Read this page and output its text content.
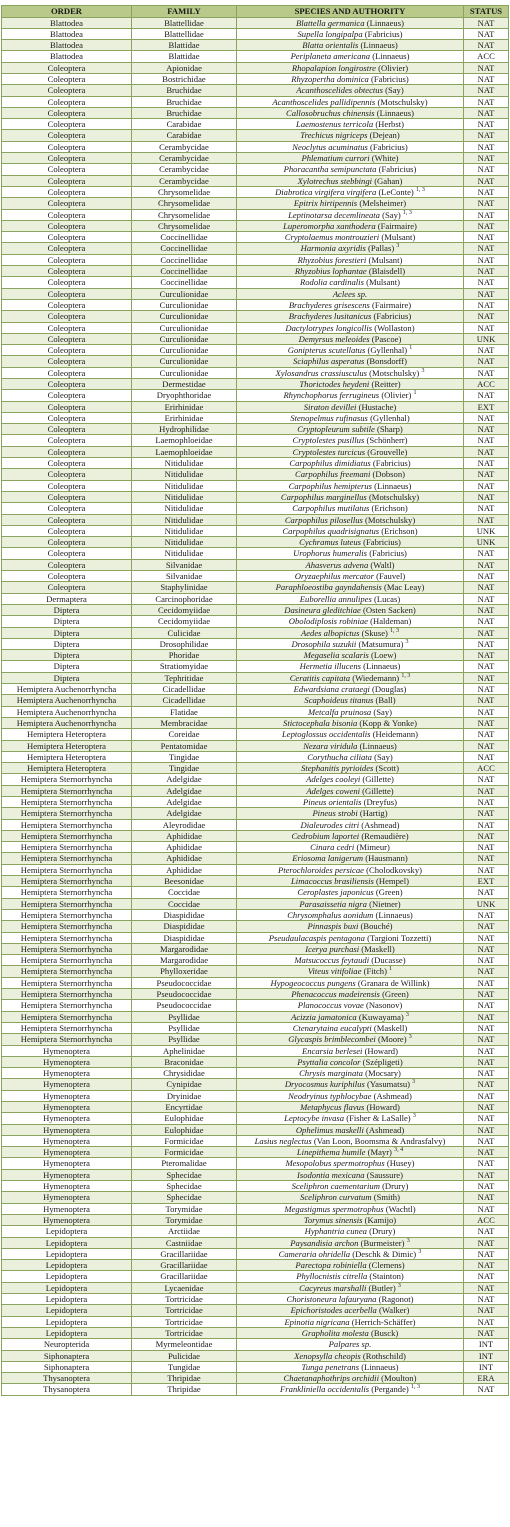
ORDER	FAMILY	SPECIES AND AUTHORITY	STATUS
Blattodea	Blattellidae	Blattella germanica (Linnaeus)	NAT
Blattodea	Blattellidae	Supella longipalpa (Fabricius)	NAT
Blattodea	Blattidae	Blatta orientalis (Linnaeus)	NAT
Blattodea	Blattidae	Periplaneta americana (Linnaeus)	ACC
Coleoptera	Apionidae	Rhopalapion longirostre (Olivier)	NAT
Coleoptera	Bostrichidae	Rhyzopertha dominica (Fabricius)	NAT
Coleoptera	Bruchidae	Acanthoscelides obtectus (Say)	NAT
Coleoptera	Bruchidae	Acanthoscelides pallidipennis (Motschulsky)	NAT
Coleoptera	Bruchidae	Callosobruchus chinensis (Linnaeus)	NAT
Coleoptera	Carabidae	Laemostenus terricola (Herbst)	NAT
Coleoptera	Carabidae	Trechicus nigriceps (Dejean)	NAT
Coleoptera	Cerambycidae	Neoclytus acuminatus (Fabricius)	NAT
Coleoptera	Cerambycidae	Phlematium currori (White)	NAT
Coleoptera	Cerambycidae	Phoracantha semipunctata (Fabricius)	NAT
Coleoptera	Cerambycidae	Xylotrechus stebbingi (Gahan)	NAT
Coleoptera	Chrysomelidae	Diabrotica virgifera virgifera (LeConte) $^{1, 3}$	NAT
Coleoptera	Chrysomelidae	Epitrix hirtipennis (Melsheimer)	NAT
Coleoptera	Chrysomelidae	Leptinotarsa decemlineata (Say) $^{1, 3}$	NAT
Coleoptera	Chrysomelidae	Luperomorpha xanthodera (Fairmaire)	NAT
Coleoptera	Coccinellidae	Cryptolaemus montrouzieri (Mulsant)	NAT
Coleoptera	Coccinellidae	Harmonia axyridis (Pallas) $^3$	NAT
Coleoptera	Coccinellidae	Rhyzobius forestieri (Mulsant)	NAT
Coleoptera	Coccinellidae	Rhyzobius lophantae (Blaisdell)	NAT
Coleoptera	Coccinellidae	Rodolia cardinalis (Mulsant)	NAT
Coleoptera	Curculionidae	Aclees sp.	NAT
Coleoptera	Curculionidae	Brachyderes grisescens (Fairmaire)	NAT
Coleoptera	Curculionidae	Brachyderes lusitanicus (Fabricius)	NAT
Coleoptera	Curculionidae	Dactylotrypes longicollis (Wollaston)	NAT
Coleoptera	Curculionidae	Demyrsus meleoides (Pascoe)	UNK
Coleoptera	Curculionidae	Gonipterus scutellatus (Gyllenhal) $^1$	NAT
Coleoptera	Curculionidae	Sciaphilus asperatus (Bonsdorff)	NAT
Coleoptera	Curculionidae	Xylosandrus crassiusculus (Motschulsky) $^3$	NAT
Coleoptera	Dermestidae	Thorictodes heydeni (Reitter)	ACC
Coleoptera	Dryophthoridae	Rhynchophorus ferrugineus (Olivier) $^1$	NAT
Coleoptera	Erirhinidae	Siraton devillei (Hustache)	EXT
Coleoptera	Erirhinidae	Stenopelmus rufinasus (Gyllenhal)	NAT
Coleoptera	Hydrophilidae	Cryptopleurum subtile (Sharp)	NAT
Coleoptera	Laemophloeidae	Cryptolestes pusillus (Schönherr)	NAT
Coleoptera	Laemophloeidae	Cryptolestes turcicus (Grouvelle)	NAT
Coleoptera	Nitidulidae	Carpophilus dimidiatus (Fabricius)	NAT
Coleoptera	Nitidulidae	Carpophilus freemani (Dobson)	NAT
Coleoptera	Nitidulidae	Carpophilus hemipterus (Linnaeus)	NAT
Coleoptera	Nitidulidae	Carpophilus marginellus (Motschulsky)	NAT
Coleoptera	Nitidulidae	Carpophilus mutilatus (Erichson)	NAT
Coleoptera	Nitidulidae	Carpophilus pilosellus (Motschulsky)	NAT
Coleoptera	Nitidulidae	Carpophilus quadrisignatus (Erichson)	UNK
Coleoptera	Nitidulidae	Cychramus luteus (Fabricius)	UNK
Coleoptera	Nitidulidae	Urophorus humeralis (Fabricius)	NAT
Coleoptera	Silvanidae	Ahasverus advena (Waltl)	NAT
Coleoptera	Silvanidae	Oryzaephilus mercator (Fauvel)	NAT
Coleoptera	Staphylinidae	Paraphloeostiba gayndahensis (Mac Leay)	NAT
Dermaptera	Carcinophoridae	Euborellia annulipes (Lucas)	NAT
Diptera	Cecidomyiidae	Dasineura gleditchiae (Osten Sacken)	NAT
Diptera	Cecidomyiidae	Obolodiplosis robiniae (Haldeman)	NAT
Diptera	Culicidae	Aedes albopictus (Skuse) $^{1, 3}$	NAT
Diptera	Drosophilidae	Drosophila suzukii (Matsumura) $^3$	NAT
Diptera	Phoridae	Megaselia scalaris (Loew)	NAT
Diptera	Stratiomyidae	Hermetia illucens (Linnaeus)	NAT
Diptera	Tephritidae	Ceratitis capitata (Wiedemann) $^{1, 3}$	NAT
Hemiptera Auchenorrhyncha	Cicadellidae	Edwardsiana crataegi (Douglas)	NAT
Hemiptera Auchenorrhyncha	Cicadellidae	Scaphoideus titanus (Ball)	NAT
Hemiptera Auchenorrhyncha	Flatidae	Metcalfa pruinosa (Say)	NAT
Hemiptera Auchenorrhyncha	Membracidae	Stictocephala bisonia (Kopp & Yonke)	NAT
Hemiptera Heteroptera	Coreidae	Leptoglossus occidentalis (Heidemann)	NAT
Hemiptera Heteroptera	Pentatomidae	Nezara viridula (Linnaeus)	NAT
Hemiptera Heteroptera	Tingidae	Corythucha ciliata (Say)	NAT
Hemiptera Heteroptera	Tingidae	Stephanitis pyrioides (Scott)	ACC
Hemiptera Sternorrhyncha	Adelgidae	Adelges cooleyi (Gillette)	NAT
Hemiptera Sternorrhyncha	Adelgidae	Adelges coweni (Gillette)	NAT
Hemiptera Sternorrhyncha	Adelgidae	Pineus orientalis (Dreyfus)	NAT
Hemiptera Sternorrhyncha	Adelgidae	Pineus strobi (Hartig)	NAT
Hemiptera Sternorrhyncha	Aleyrodidae	Dialeurodes citri (Ashmead)	NAT
Hemiptera Sternorrhyncha	Aphididae	Cedrobium laportei (Remaudière)	NAT
Hemiptera Sternorrhyncha	Aphididae	Cinara cedri (Mimeur)	NAT
Hemiptera Sternorrhyncha	Aphididae	Eriosoma lanigerum (Hausmann)	NAT
Hemiptera Sternorrhyncha	Aphididae	Pterochloroides persicae (Cholodkovsky)	NAT
Hemiptera Sternorrhyncha	Beesonidae	Limacoccus brasiliensis (Hempel)	EXT
Hemiptera Sternorrhyncha	Coccidae	Ceroplastes japonicus (Green)	NAT
Hemiptera Sternorrhyncha	Coccidae	Parasaissetia nigra (Nietner)	UNK
Hemiptera Sternorrhyncha	Diaspididae	Chrysomphalus aonidum (Linnaeus)	NAT
Hemiptera Sternorrhyncha	Diaspididae	Pinnaspis buxi (Bouché)	NAT
Hemiptera Sternorrhyncha	Diaspididae	Pseudaulacaspis pentagona (Targioni Tozzetti)	NAT
Hemiptera Sternorrhyncha	Margarodidae	Icerya purchasi (Maskell)	NAT
Hemiptera Sternorrhyncha	Margarodidae	Matsucoccus feytaudi (Ducasse)	NAT
Hemiptera Sternorrhyncha	Phylloxeridae	Viteus vitifoliae (Fitch) $^1$	NAT
Hemiptera Sternorrhyncha	Pseudococcidae	Hypogeococcus pungens (Granara de Willink)	NAT
Hemiptera Sternorrhyncha	Pseudococcidae	Phenacoccus madeirensis (Green)	NAT
Hemiptera Sternorrhyncha	Pseudococcidae	Planococcus vovae (Nasonov)	NAT
Hemiptera Sternorrhyncha	Psyllidae	Acizzia jamatonica (Kuwayama) $^3$	NAT
Hemiptera Sternorrhyncha	Psyllidae	Ctenarytaina eucalypti (Maskell)	NAT
Hemiptera Sternorrhyncha	Psyllidae	Glycaspis brimblecombei (Moore) $^3$	NAT
Hymenoptera	Aphelinidae	Encarsia berlesei (Howard)	NAT
Hymenoptera	Braconidae	Psyttalia concolor (Szépligeti)	NAT
Hymenoptera	Chrysididae	Chrysis marginata (Mocsary)	NAT
Hymenoptera	Cynipidae	Dryocosmus kuriphilus (Yasumatsu) $^3$	NAT
Hymenoptera	Dryinidae	Neodryinus typhlocybae (Ashmead)	NAT
Hymenoptera	Encyrtidae	Metaphycus flavus (Howard)	NAT
Hymenoptera	Eulophidae	Leptocybe invasa (Fisher & LaSalle) $^3$	NAT
Hymenoptera	Eulophidae	Ophelimus maskelli (Ashmead)	NAT
Hymenoptera	Formicidae	Lasius neglectus (Van Loon, Boomsma & Andrasfalvy)	NAT
Hymenoptera	Formicidae	Linepithema humile (Mayr) $^{3, 4}$	NAT
Hymenoptera	Pteromalidae	Mesopolobus spermotrophus (Husey)	NAT
Hymenoptera	Sphecidae	Isodontia mexicana (Saussure)	NAT
Hymenoptera	Sphecidae	Sceliphron caementarium (Drury)	NAT
Hymenoptera	Sphecidae	Sceliphron curvatum (Smith)	NAT
Hymenoptera	Torymidae	Megastigmus spermotrophus (Wachtl)	NAT
Hymenoptera	Torymidae	Torymus sinensis (Kamijo)	ACC
Lepidoptera	Arctiidae	Hyphantria cunea (Drury)	NAT
Lepidoptera	Castniidae	Paysandisia archon (Burmeister) $^3$	NAT
Lepidoptera	Gracillariidae	Cameraria ohridella (Deschk & Dimic) $^3$	NAT
Lepidoptera	Gracillariidae	Parectopa robiniella (Clemens)	NAT
Lepidoptera	Gracillariidae	Phyllocnistis citrella (Stainton)	NAT
Lepidoptera	Lycaenidae	Cacyreus marshalli (Butler) $^3$	NAT
Lepidoptera	Tortricidae	Choristoneura lafauryana (Ragonot)	NAT
Lepidoptera	Tortricidae	Epichoristodes acerbella (Walker)	NAT
Lepidoptera	Tortricidae	Epinotia nigricana (Herrich-Schäffer)	NAT
Lepidoptera	Tortricidae	Grapholita molesta (Busck)	NAT
Neuropterida	Myrmeleontidae	Palpares sp.	INT
Siphonaptera	Pulicidae	Xenopsylla cheopis (Rothschild)	INT
Siphonaptera	Tungidae	Tunga penetrans (Linnaeus)	INT
Thysanoptera	Thripidae	Chaetanaphothrips orchidii (Moulton)	ERA
Thysanoptera	Thripidae	Frankliniella occidentalis (Pergande) $^{1, 3}$	NAT
